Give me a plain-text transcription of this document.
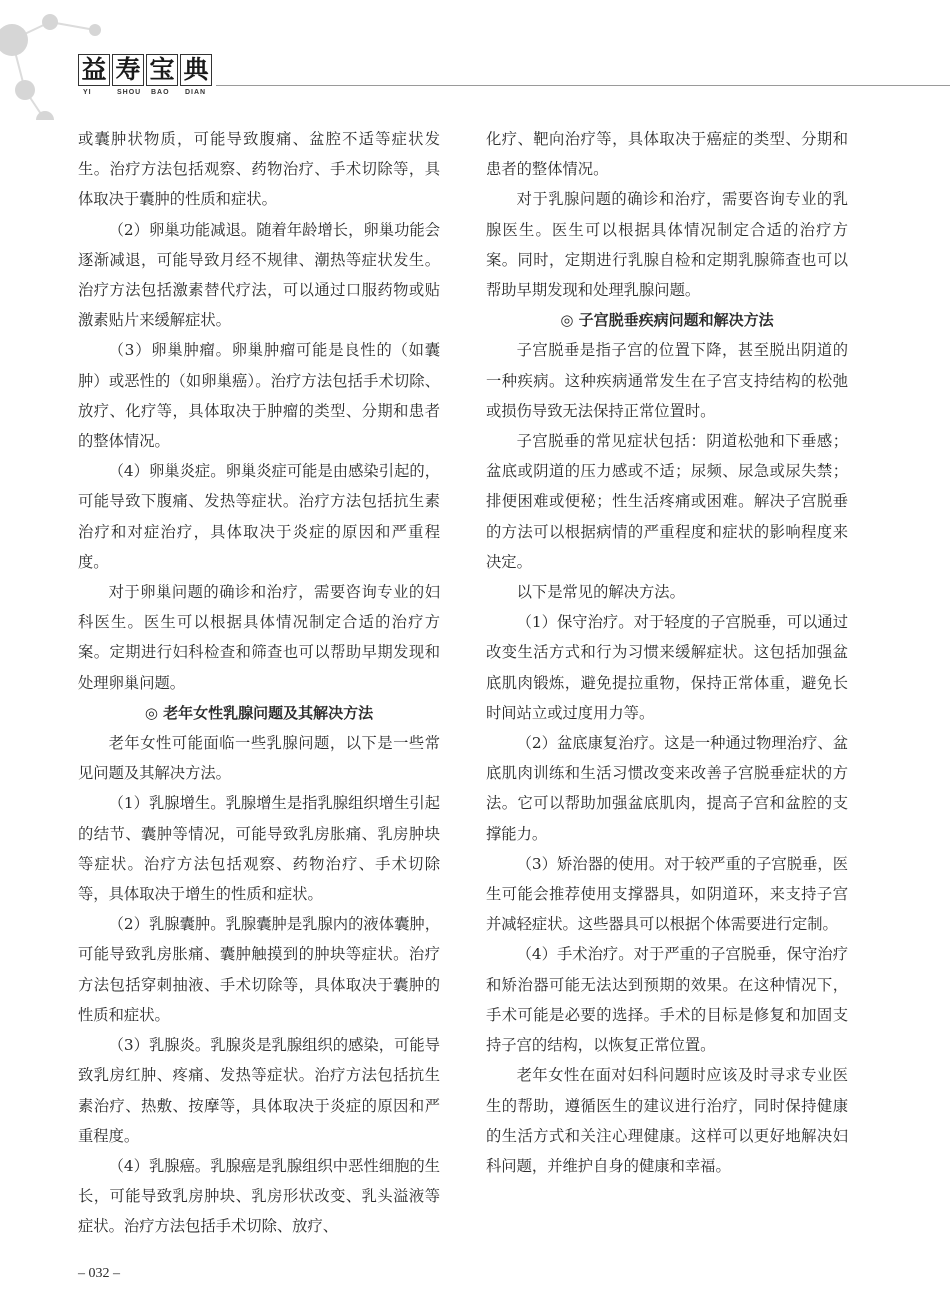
益 寿 宝 典
YI	SHOU BAO DIAN

或囊肿状物质，可能导致腹痛、盆腔不适等症状发生。治疗方法包括观察、药物治疗、手术切除等，具体取决于囊肿的性质和症状。

（2）卵巢功能减退。随着年龄增长，卵巢功能会逐渐减退，可能导致月经不规律、潮热等症状发生。治疗方法包括激素替代疗法，可以通过口服药物或贴激素贴片来缓解症状。

（3）卵巢肿瘤。卵巢肿瘤可能是良性的（如囊肿）或恶性的（如卵巢癌）。治疗方法包括手术切除、放疗、化疗等，具体取决于肿瘤的类型、分期和患者的整体情况。

（4）卵巢炎症。卵巢炎症可能是由感染引起的，可能导致下腹痛、发热等症状。治疗方法包括抗生素治疗和对症治疗，具体取决于炎症的原因和严重程度。

对于卵巢问题的确诊和治疗，需要咨询专业的妇科医生。医生可以根据具体情况制定合适的治疗方案。定期进行妇科检查和筛查也可以帮助早期发现和处理卵巢问题。

◎ 老年女性乳腺问题及其解决方法

老年女性可能面临一些乳腺问题，以下是一些常见问题及其解决方法。

（1）乳腺增生。乳腺增生是指乳腺组织增生引起的结节、囊肿等情况，可能导致乳房胀痛、乳房肿块等症状。治疗方法包括观察、药物治疗、手术切除等，具体取决于增生的性质和症状。

（2）乳腺囊肿。乳腺囊肿是乳腺内的液体囊肿，可能导致乳房胀痛、囊肿触摸到的肿块等症状。治疗方法包括穿刺抽液、手术切除等，具体取决于囊肿的性质和症状。

（3）乳腺炎。乳腺炎是乳腺组织的感染，可能导致乳房红肿、疼痛、发热等症状。治疗方法包括抗生素治疗、热敷、按摩等，具体取决于炎症的原因和严重程度。

（4）乳腺癌。乳腺癌是乳腺组织中恶性细胞的生长，可能导致乳房肿块、乳房形状改变、乳头溢液等症状。治疗方法包括手术切除、放疗、

化疗、靶向治疗等，具体取决于癌症的类型、分期和患者的整体情况。

对于乳腺问题的确诊和治疗，需要咨询专业的乳腺医生。医生可以根据具体情况制定合适的治疗方案。同时，定期进行乳腺自检和定期乳腺筛查也可以帮助早期发现和处理乳腺问题。

◎ 子宫脱垂疾病问题和解决方法

子宫脱垂是指子宫的位置下降，甚至脱出阴道的一种疾病。这种疾病通常发生在子宫支持结构的松弛或损伤导致无法保持正常位置时。

子宫脱垂的常见症状包括：阴道松弛和下垂感；盆底或阴道的压力感或不适；尿频、尿急或尿失禁；排便困难或便秘；性生活疼痛或困难。解决子宫脱垂的方法可以根据病情的严重程度和症状的影响程度来决定。

以下是常见的解决方法。

（1）保守治疗。对于轻度的子宫脱垂，可以通过改变生活方式和行为习惯来缓解症状。这包括加强盆底肌肉锻炼，避免提拉重物，保持正常体重，避免长时间站立或过度用力等。

（2）盆底康复治疗。这是一种通过物理治疗、盆底肌肉训练和生活习惯改变来改善子宫脱垂症状的方法。它可以帮助加强盆底肌肉，提高子宫和盆腔的支撑能力。

（3）矫治器的使用。对于较严重的子宫脱垂，医生可能会推荐使用支撑器具，如阴道环，来支持子宫并减轻症状。这些器具可以根据个体需要进行定制。

（4）手术治疗。对于严重的子宫脱垂，保守治疗和矫治器可能无法达到预期的效果。在这种情况下，手术可能是必要的选择。手术的目标是修复和加固支持子宫的结构，以恢复正常位置。

老年女性在面对妇科问题时应该及时寻求专业医生的帮助，遵循医生的建议进行治疗，同时保持健康的生活方式和关注心理健康。这样可以更好地解决妇科问题，并维护自身的健康和幸福。

– 032 –
